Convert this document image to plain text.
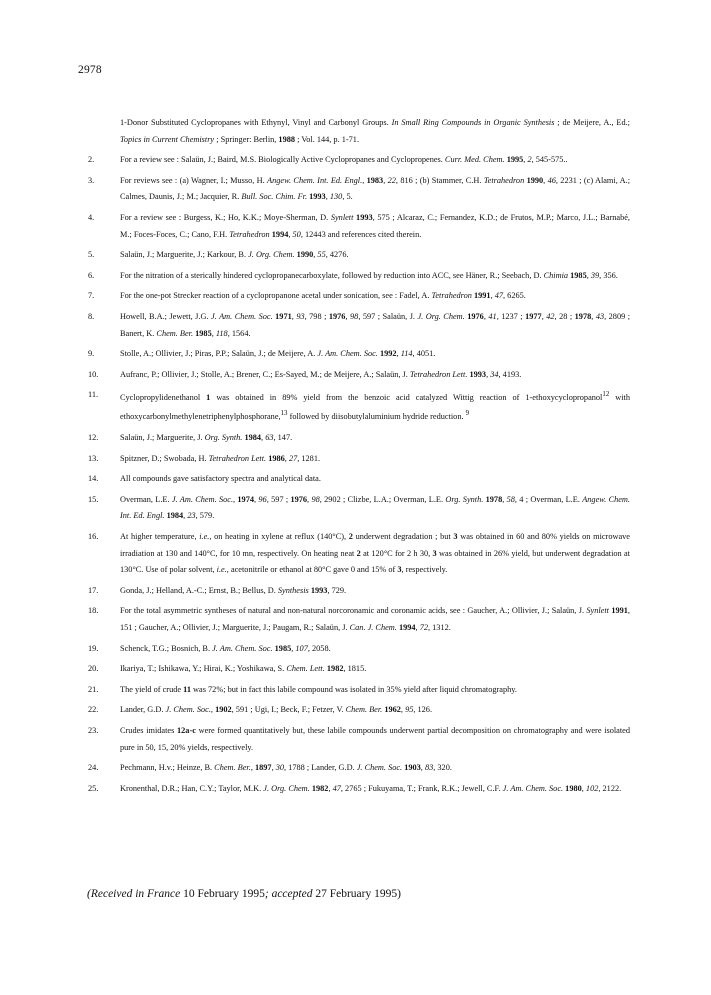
2978
1-Donor Substituted Cyclopropanes with Ethynyl, Vinyl and Carbonyl Groups. In Small Ring Compounds in Organic Synthesis ; de Meijere, A., Ed.; Topics in Current Chemistry ; Springer: Berlin, 1988 ; Vol. 144, p. 1-71.
2.	For a review see : Salaün, J.; Baird, M.S. Biologically Active Cyclopropanes and Cyclopropenes. Curr. Med. Chem. 1995, 2, 545-575..
3.	For reviews see : (a) Wagner, I.; Musso, H. Angew. Chem. Int. Ed. Engl., 1983, 22, 816 ; (b) Stammer, C.H. Tetrahedron 1990, 46, 2231 ; (c) Alami, A.; Calmes, Daunis, J.; M.; Jacquier, R. Bull. Soc. Chim. Fr. 1993, 130, 5.
4.	For a review see : Burgess, K.; Ho, K.K.; Moye-Sherman, D. Synlett 1993, 575 ; Alcaraz, C.; Fernandez, K.D.; de Frutos, M.P.; Marco, J.L.; Barnabé, M.; Foces-Foces, C.; Cano, F.H. Tetrahedron 1994, 50, 12443 and references cited therein.
5.	Salaün, J.; Marguerite, J.; Karkour, B. J. Org. Chem. 1990, 55, 4276.
6.	For the nitration of a sterically hindered cyclopropanecarboxylate, followed by reduction into ACC, see Häner, R.; Seebach, D. Chimia 1985, 39, 356.
7.	For the one-pot Strecker reaction of a cyclopropanone acetal under sonication, see : Fadel, A. Tetrahedron 1991, 47, 6265.
8.	Howell, B.A.; Jewett, J.G. J. Am. Chem. Soc. 1971, 93, 798 ; 1976, 98, 597 ; Salaün, J. J. Org. Chem. 1976, 41, 1237 ; 1977, 42, 28 ; 1978, 43, 2809 ; Banert, K. Chem. Ber. 1985, 118, 1564.
9.	Stolle, A.; Ollivier, J.; Piras, P.P.; Salaün, J.; de Meijere, A. J. Am. Chem. Soc. 1992, 114, 4051.
10.	Aufranc, P.; Ollivier, J.; Stolle, A.; Brener, C.; Es-Sayed, M.; de Meijere, A.; Salaün, J. Tetrahedron Lett. 1993, 34, 4193.
11.	Cyclopropylidenethanol 1 was obtained in 89% yield from the benzoic acid catalyzed Wittig reaction of 1-ethoxycyclopropanol$^{12}$ with ethoxycarbonylmethylenetriphenylphosphorane,$^{13}$ followed by diisobutylaluminium hydride reduction. $^9$
12.	Salaün, J.; Marguerite, J. Org. Synth. 1984, 63, 147.
13.	Spitzner, D.; Swobada, H. Tetrahedron Lett. 1986, 27, 1281.
14.	All compounds gave satisfactory spectra and analytical data.
15.	Overman, L.E. J. Am. Chem. Soc., 1974, 96, 597 ; 1976, 98, 2902 ; Clizbe, L.A.; Overman, L.E. Org. Synth. 1978, 58, 4 ; Overman, L.E. Angew. Chem. Int. Ed. Engl. 1984, 23, 579.
16.	At higher temperature, i.e., on heating in xylene at reflux (140°C), 2 underwent degradation ; but 3 was obtained in 60 and 80% yields on microwave irradiation at 130 and 140°C, for 10 mn, respectively. On heating neat 2 at 120°C for 2 h 30, 3 was obtained in 26% yield, but underwent degradation at 130°C. Use of polar solvent, i.e., acetonitrile or ethanol at 80°C gave 0 and 15% of 3, respectively.
17.	Gonda, J.; Helland, A.-C.; Ernst, B.; Bellus, D. Synthesis 1993, 729.
18.	For the total asymmetric syntheses of natural and non-natural norcoronamic and coronamic acids, see : Gaucher, A.; Ollivier, J.; Salaün, J. Synlett 1991, 151 ; Gaucher, A.; Ollivier, J.; Marguerite, J.; Paugam, R.; Salaün, J. Can. J. Chem. 1994, 72, 1312.
19.	Schenck, T.G.; Bosnich, B. J. Am. Chem. Soc. 1985, 107, 2058.
20.	Ikariya, T.; Ishikawa, Y.; Hirai, K.; Yoshikawa, S. Chem. Lett. 1982, 1815.
21.	The yield of crude 11 was 72%; but in fact this labile compound was isolated in 35% yield after liquid chromatography.
22.	Lander, G.D. J. Chem. Soc., 1902, 591 ; Ugi, I.; Beck, F.; Fetzer, V. Chem. Ber. 1962, 95, 126.
23.	Crudes imidates 12a-c were formed quantitatively but, these labile compounds underwent partial decomposition on chromatography and were isolated pure in 50, 15, 20% yields, respectively.
24.	Pechmann, H.v.; Heinze, B. Chem. Ber., 1897, 30, 1788 ; Lander, G.D. J. Chem. Soc. 1903, 83, 320.
25.	Kronenthal, D.R.; Han, C.Y.; Taylor, M.K. J. Org. Chem. 1982, 47, 2765 ; Fukuyama, T.; Frank, R.K.; Jewell, C.F. J. Am. Chem. Soc. 1980, 102, 2122.
(Received in France 10 February 1995; accepted 27 February 1995)
